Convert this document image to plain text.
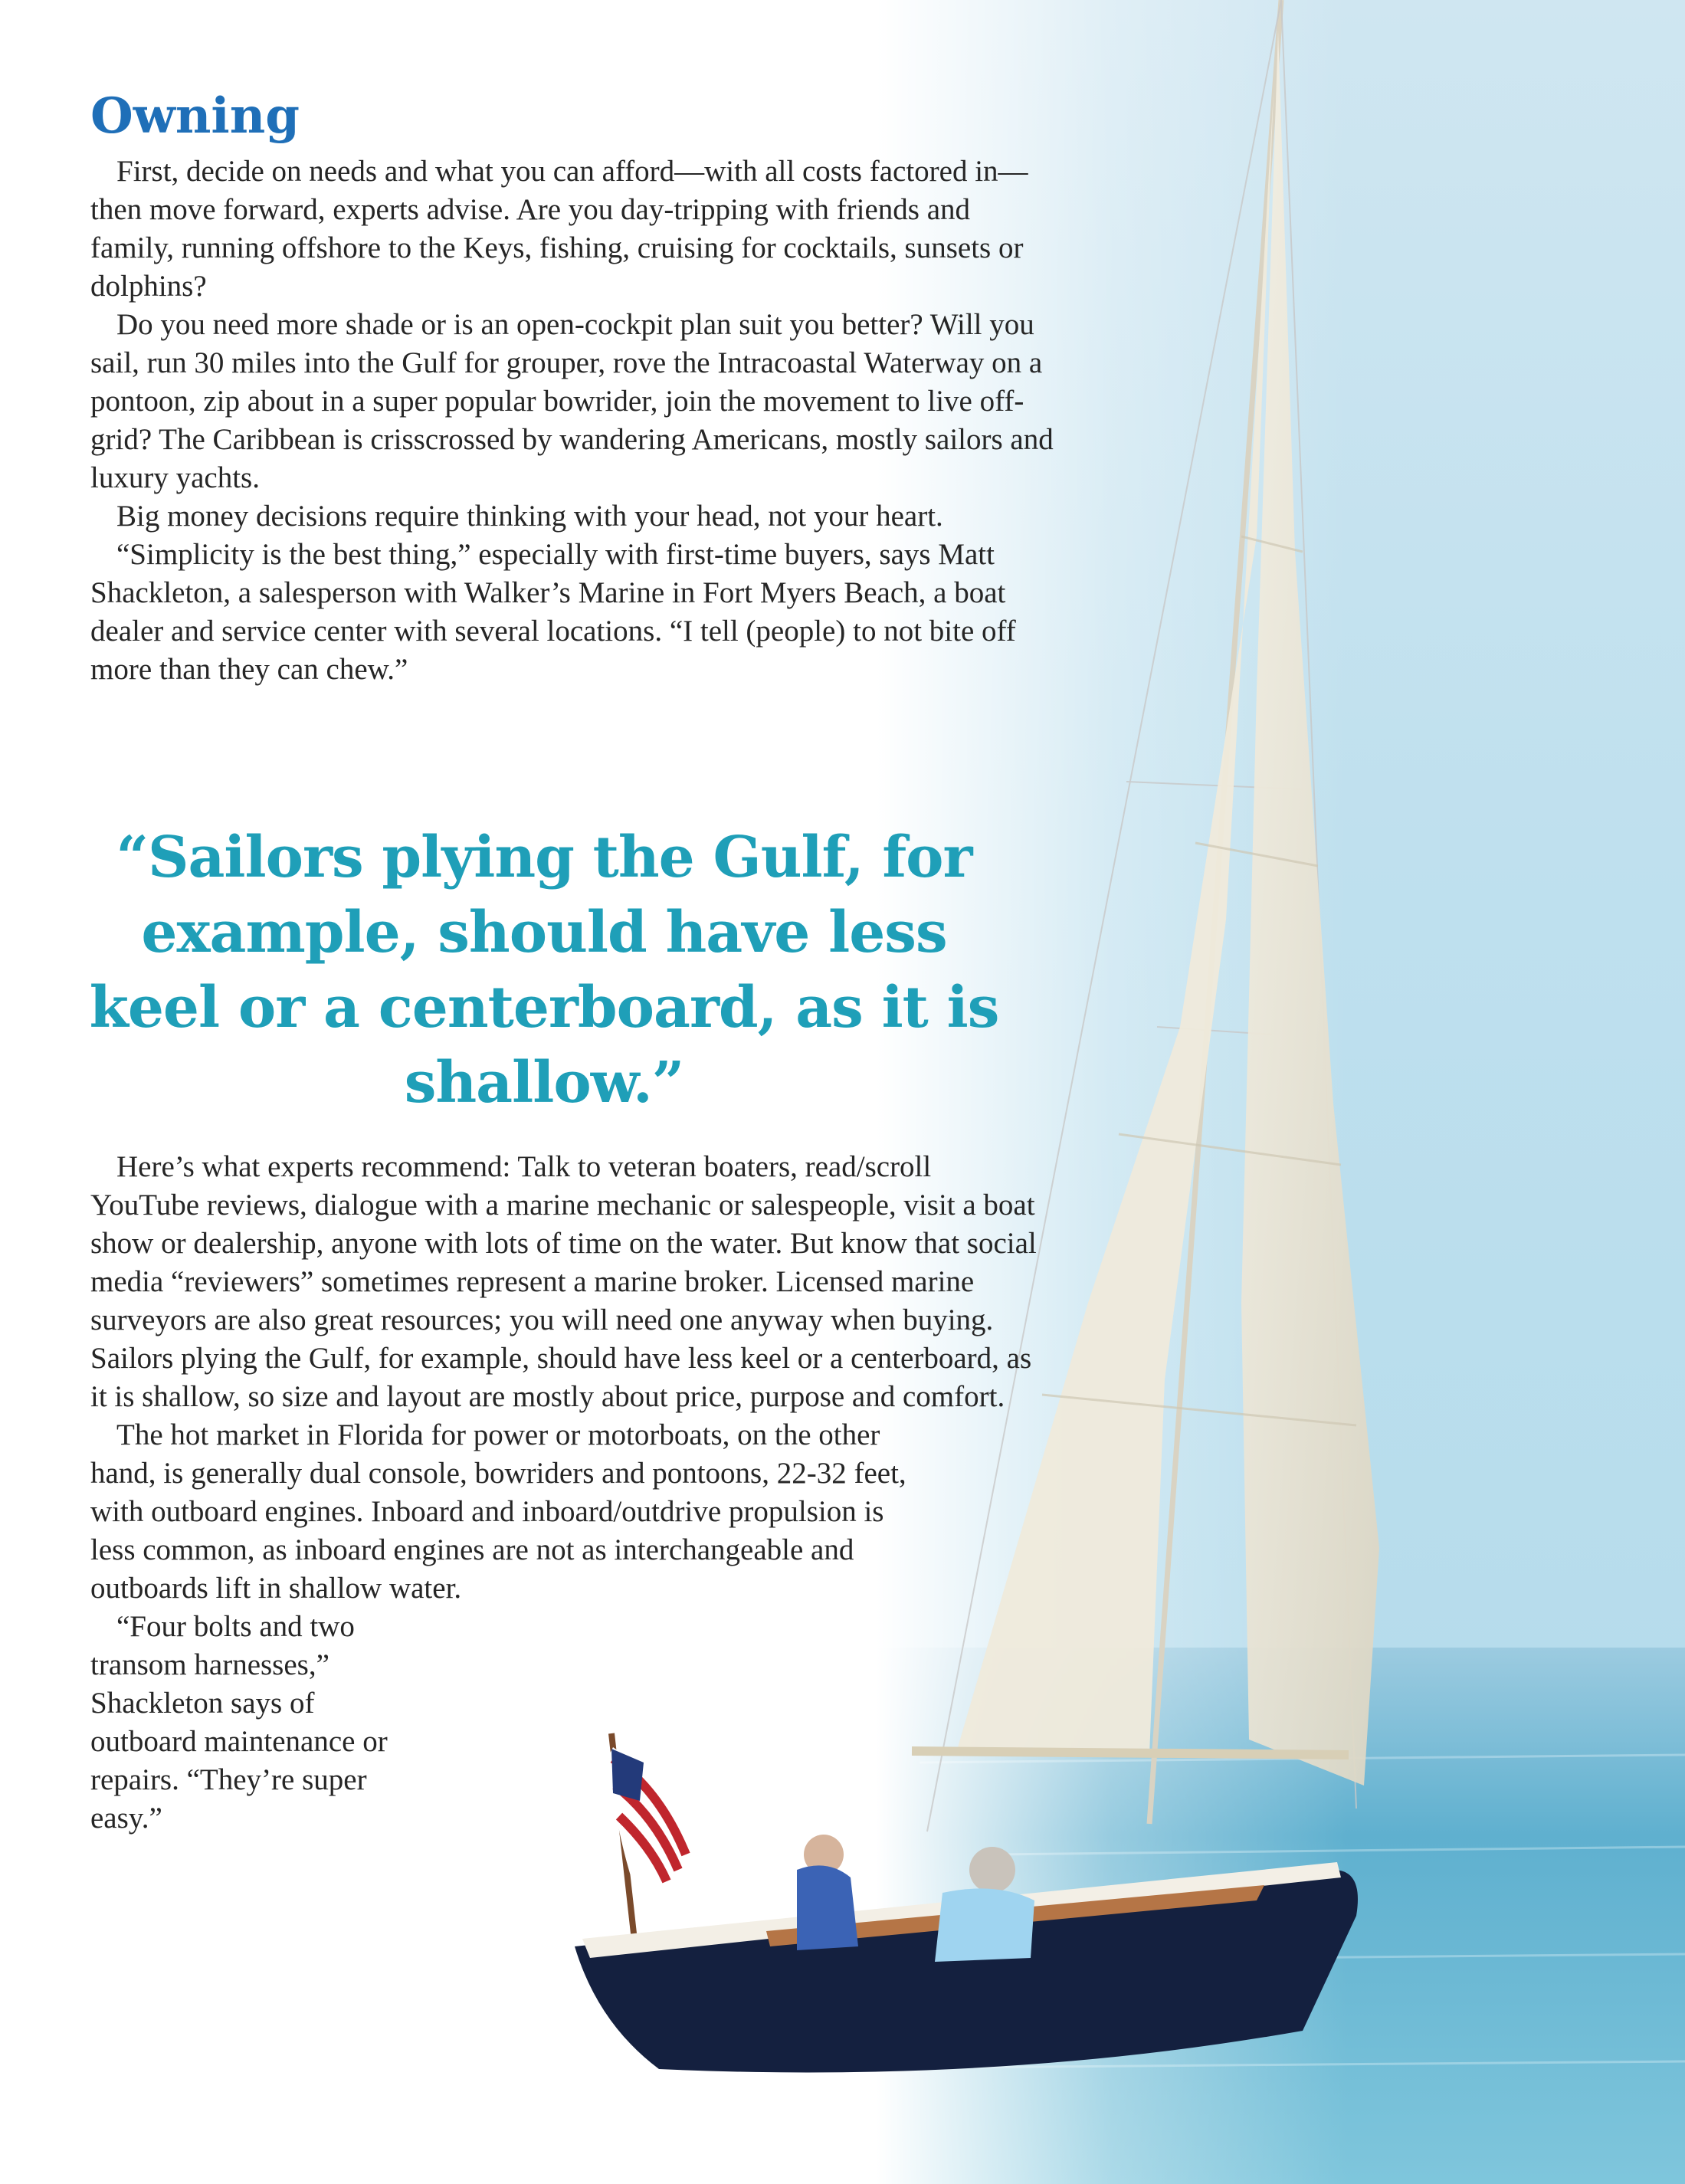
Owning

First, decide on needs and what you can afford—with all costs factored in—then move forward, experts advise. Are you day-tripping with friends and family, running offshore to the Keys, fishing, cruising for cocktails, sunsets or dolphins?

Do you need more shade or is an open-cockpit plan suit you better? Will you sail, run 30 miles into the Gulf for grouper, rove the Intracoastal Waterway on a pontoon, zip about in a super popular bowrider, join the movement to live off-grid? The Caribbean is crisscrossed by wandering Americans, mostly sailors and luxury yachts.

Big money decisions require thinking with your head, not your heart.

“Simplicity is the best thing,” especially with first-time buyers, says Matt Shackleton, a salesperson with Walker’s Marine in Fort Myers Beach, a boat dealer and service center with several locations. “I tell (people) to not bite off more than they can chew.”

“Sailors plying the Gulf, for example, should have less keel or a centerboard, as it is shallow.”

Here’s what experts recommend: Talk to veteran boaters, read/scroll YouTube reviews, dialogue with a marine mechanic or salespeople, visit a boat show or dealership, anyone with lots of time on the water. But know that social media “reviewers” sometimes represent a marine broker. Licensed marine surveyors are also great resources; you will need one anyway when buying. Sailors plying the Gulf, for example, should have less keel or a centerboard, as it is shallow, so size and layout are mostly about price, purpose and comfort.

The hot market in Florida for power or motorboats, on the other hand, is generally dual console, bowriders and pontoons, 22-32 feet, with outboard engines. Inboard and inboard/outdrive propulsion is less common, as inboard engines are not as interchangeable and outboards lift in shallow water.

“Four bolts and two transom harnesses,” Shackleton says of outboard maintenance or repairs. “They’re super easy.”
